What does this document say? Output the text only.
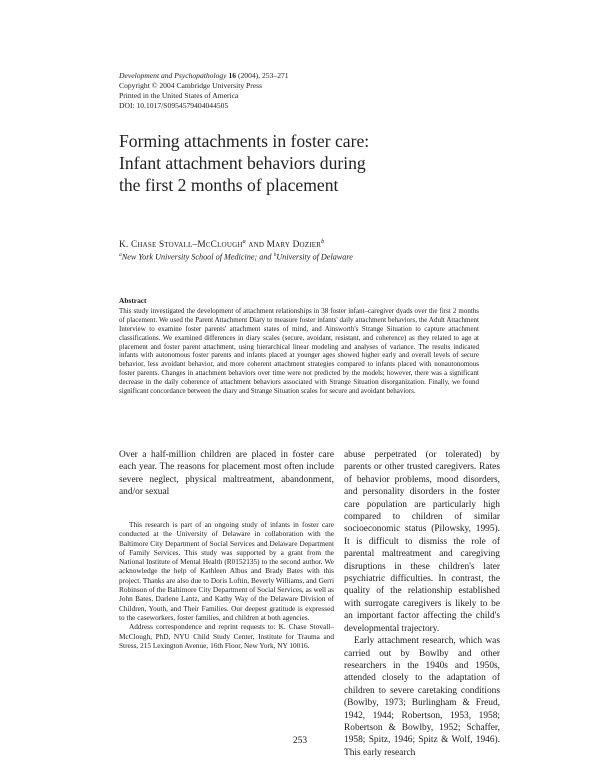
Development and Psychopathology 16 (2004), 253–271
Copyright © 2004 Cambridge University Press
Printed in the United States of America
DOI: 10.1017/S0954579404044505
Forming attachments in foster care:
Infant attachment behaviors during
the first 2 months of placement
K. Chase Stovall–McClough$^a$ and Mary Dozier$^b$
$^a$New York University School of Medicine; and $^b$University of Delaware
Abstract
This study investigated the development of attachment relationships in 38 foster infant–caregiver dyads over the first 2 months of placement. We used the Parent Attachment Diary to measure foster infants' daily attachment behaviors, the Adult Attachment Interview to examine foster parents' attachment states of mind, and Ainsworth's Strange Situation to capture attachment classifications. We examined differences in diary scales (secure, avoidant, resistant, and coherence) as they related to age at placement and foster parent attachment, using hierarchical linear modeling and analyses of variance. The results indicated infants with autonomous foster parents and infants placed at younger ages showed higher early and overall levels of secure behavior, less avoidant behavior, and more coherent attachment strategies compared to infants placed with nonautonomous foster parents. Changes in attachment behaviors over time were not predicted by the models; however, there was a significant decrease in the daily coherence of attachment behaviors associated with Strange Situation disorganization. Finally, we found significant concordance between the diary and Strange Situation scales for secure and avoidant behaviors.

Over a half-million children are placed in foster care each year. The reasons for placement most often include severe neglect, physical maltreatment, abandonment, and/or sexual

This research is part of an ongoing study of infants in foster care conducted at the University of Delaware in collaboration with the Baltimore City Department of Social Services and Delaware Department of Family Services. This study was supported by a grant from the National Institute of Mental Health (R0152135) to the second author. We acknowledge the help of Kathleen Albus and Brady Bates with this project. Thanks are also due to Doris Loftin, Beverly Williams, and Gerri Robinson of the Baltimore City Department of Social Services, as well as John Bates, Darlene Lantz, and Kathy Way of the Delaware Division of Children, Youth, and Their Families. Our deepest gratitude is expressed to the caseworkers, foster families, and children at both agencies.

Address correspondence and reprint requests to: K. Chase Stovall–McClough, PhD, NYU Child Study Center, Institute for Trauma and Stress, 215 Lexington Avenue, 16th Floor, New York, NY 10016.

abuse perpetrated (or tolerated) by parents or other trusted caregivers. Rates of behavior problems, mood disorders, and personality disorders in the foster care population are particularly high compared to children of similar socioeconomic status (Pilowsky, 1995). It is difficult to dismiss the role of parental maltreatment and caregiving disruptions in these children's later psychiatric difficulties. In contrast, the quality of the relationship established with surrogate caregivers is likely to be an important factor affecting the child's developmental trajectory.

Early attachment research, which was carried out by Bowlby and other researchers in the 1940s and 1950s, attended closely to the adaptation of children to severe caretaking conditions (Bowlby, 1973; Burlingham & Freud, 1942, 1944; Robertson, 1953, 1958; Robertson & Bowlby, 1952; Schaffer, 1958; Spitz, 1946; Spitz & Wolf, 1946). This early research

253
